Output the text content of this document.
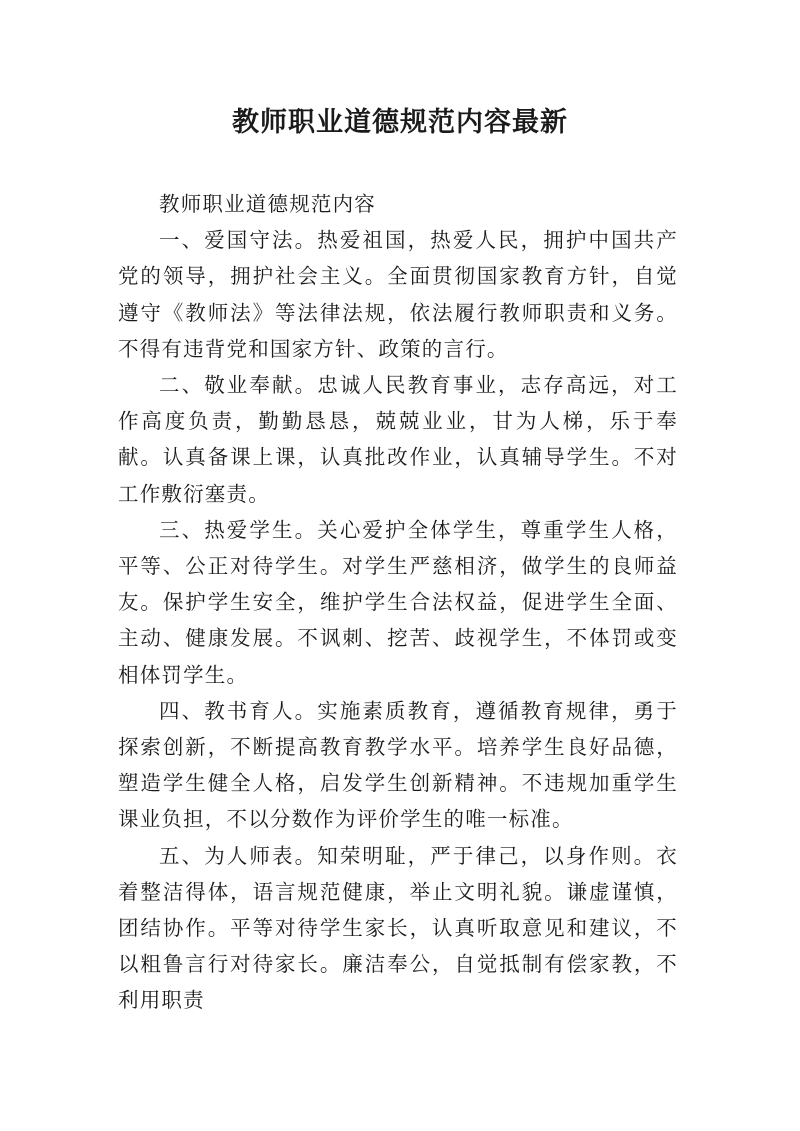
教师职业道德规范内容最新

教师职业道德规范内容

一、爱国守法。热爱祖国，热爱人民，拥护中国共产党的领导，拥护社会主义。全面贯彻国家教育方针，自觉遵守《教师法》等法律法规，依法履行教师职责和义务。不得有违背党和国家方针、政策的言行。

二、敬业奉献。忠诚人民教育事业，志存高远，对工作高度负责，勤勤恳恳，兢兢业业，甘为人梯，乐于奉献。认真备课上课，认真批改作业，认真辅导学生。不对工作敷衍塞责。

三、热爱学生。关心爱护全体学生，尊重学生人格，平等、公正对待学生。对学生严慈相济，做学生的良师益友。保护学生安全，维护学生合法权益，促进学生全面、主动、健康发展。不讽刺、挖苦、歧视学生，不体罚或变相体罚学生。

四、教书育人。实施素质教育，遵循教育规律，勇于探索创新，不断提高教育教学水平。培养学生良好品德，塑造学生健全人格，启发学生创新精神。不违规加重学生课业负担，不以分数作为评价学生的唯一标准。

五、为人师表。知荣明耻，严于律己，以身作则。衣着整洁得体，语言规范健康，举止文明礼貌。谦虚谨慎，团结协作。平等对待学生家长，认真听取意见和建议，不以粗鲁言行对待家长。廉洁奉公，自觉抵制有偿家教，不利用职责
